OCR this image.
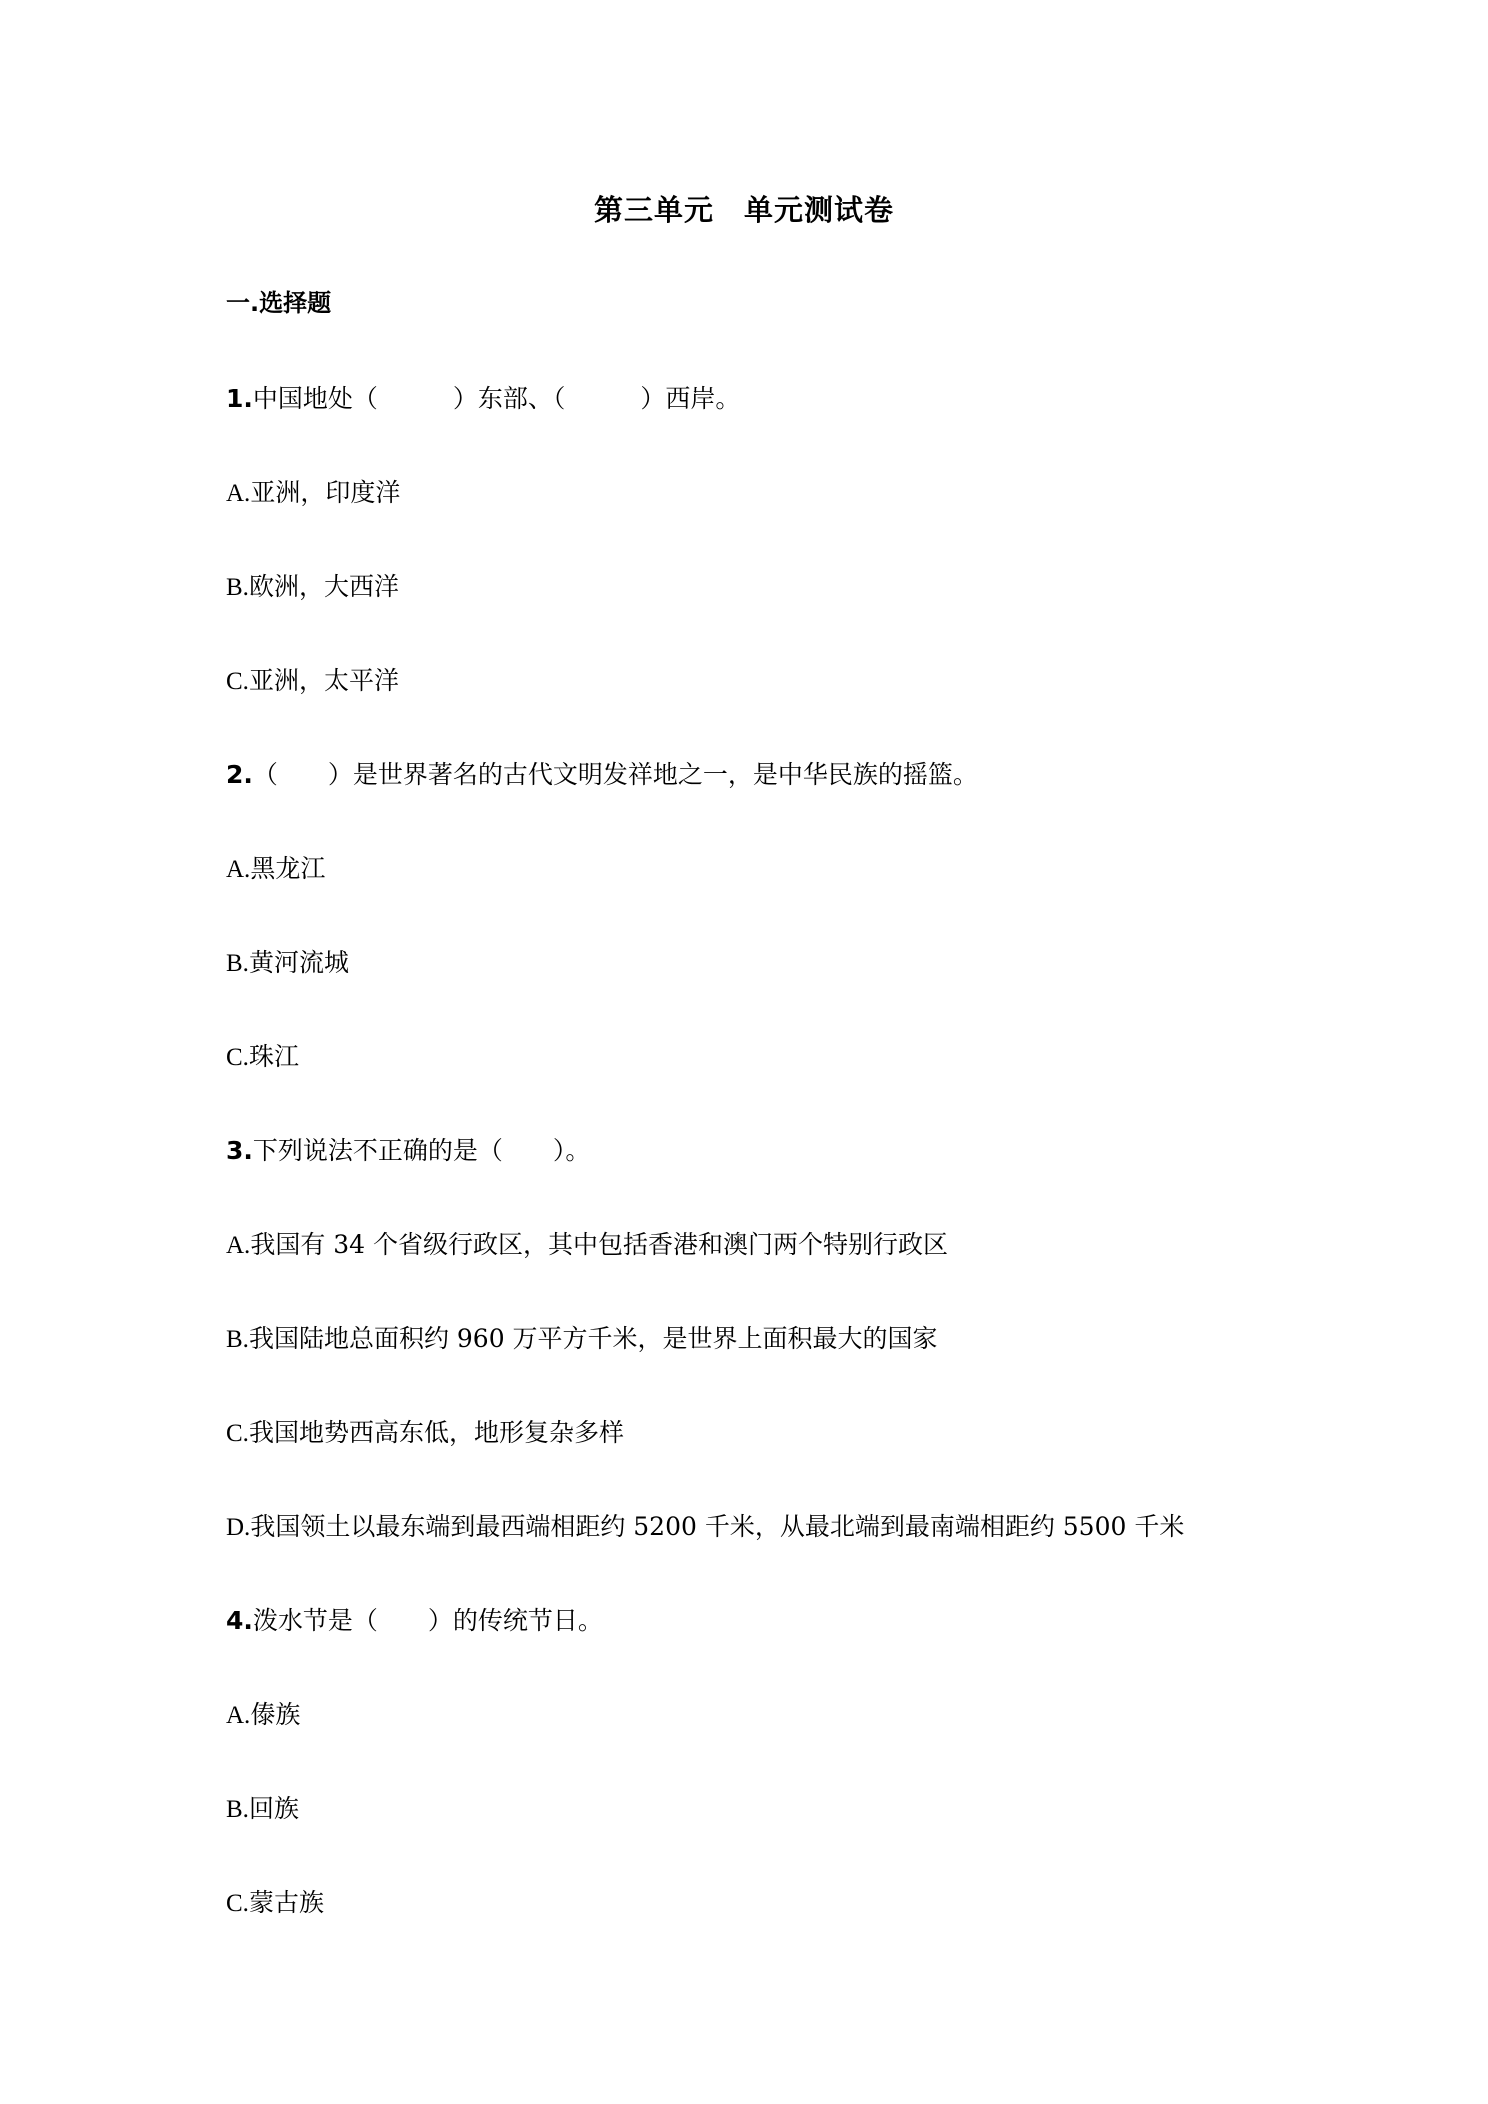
第三单元　单元测试卷
一.选择题
1.中国地处（　　　）东部、（　　　）西岸。
A.亚洲，印度洋
B.欧洲，大西洋
C.亚洲，太平洋
2.（　　）是世界著名的古代文明发祥地之一，是中华民族的摇篮。
A.黑龙江
B.黄河流城
C.珠江
3.下列说法不正确的是（　　）。
A.我国有 34 个省级行政区，其中包括香港和澳门两个特别行政区
B.我国陆地总面积约 960 万平方千米，是世界上面积最大的国家
C.我国地势西高东低，地形复杂多样
D.我国领土以最东端到最西端相距约 5200 千米，从最北端到最南端相距约 5500 千米
4.泼水节是（　　）的传统节日。
A.傣族
B.回族
C.蒙古族
